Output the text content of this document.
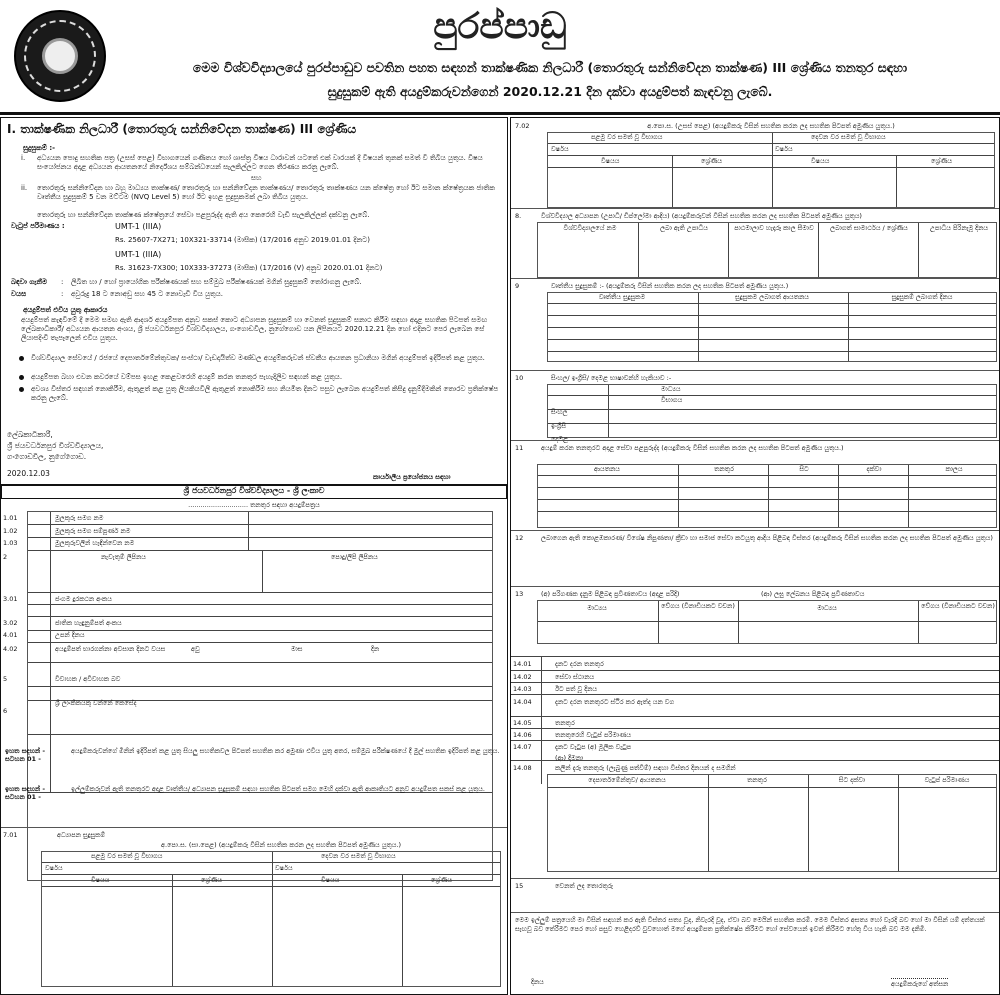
පුරප්පාඩු
මෙම විශ්වවිද්‍යාලයේ පුරප්පාඩුව පවතින පහත සඳහන් තාක්ෂණික නිලධාරී (තොරතුරු සන්නිවේදන තාක්ෂණ) III ශ්‍රේණිය තනතුර සඳහා
සුදුසුකම් ඇති අයදුම්කරුවන්ගෙන් 2020.12.21 දින දක්වා අයදුම්පත් කැඳවනු ලැබේ.
I. තාක්ෂණික නිලධාරී (තොරතුරු සන්නිවේදන තාක්ෂණ) III ශ්‍රේණිය
සුදුසුකම් :-
i. අධ්‍යයන පොදු සහතික පත්‍ර (උසස් පෙළ) විභාගයෙන් ගණිතය හෝ ශාස්ත්‍ර විෂය ධාරාවන් යටතේ එක් වාරයක් දී විෂයන් තුනක් සමත් වී තිබිය යුතුය. විෂය සංයෝජනය අදාළ අධ්‍යයන ආයතනයේ නිර්දේශය සම්බන්ධයෙන් සැලකිල්ලට ගෙන තීරණය කරනු ලැබේ.
සහ
ii. තොරතුරු සන්නිවේදන හා බහු මාධ්‍යය තාක්ෂණ/ තොරතුරු හා සන්නිවේදන තාක්ෂණය/ තොරතුරු තාක්ෂණය යන ක්ෂේත්‍ර හෝ ඊට සමාන ක්ෂේත්‍රයක ජාතික වෘත්තීය සුදුසුකම් 5 වන මට්ටම (NVQ Level 5) හෝ ඊට ඉහළ සුදුසුකමක් ලබා තිබිය යුතුය.
තොරතුරු හා සන්නිවේදන තාක්ෂණ ක්ෂේත්‍රයේ සේවා පළපුරුද්ද ඇති අය කෙරෙහි වැඩි සැලකිල්ලක් දක්වනු ලැබේ.
වැටුප් පරිමාණය :	UMT-1 (IIIA)
Rs. 25607-7X271; 10X321-33714 (මාසික) (17/2016 අනුව 2019.01.01 දිනට)
UMT-1 (IIIA)
Rs. 31623-7X300; 10X333-37273 (මාසික) (17/2016 (V) අනුව 2020.01.01 දිනට)
බඳවා ගැනීම : ලිඛිත හා / හෝ ප්‍රායෝගික පරීක්ෂණයක් සහ සම්මුඛ පරීක්ෂණයක් මගින් සුදුසුකම් තෝරාගනු ලැබේ.
වයස	: අවුරුදු 18 ට නොඅඩු සහ 45 ට නොවැඩි විය යුතුය.
අයදුම්පත් එවිය යුතු ආකාරය
අයදුම්පත් කැඳවීමේ දී මෙම සමඟ ඇති ආදර්ශ අයදුම්පත අනුව සකස් කොට අධ්‍යාපන සුදුසුකම් හා වෙනත් සුදුසුකම් සනාථ කිරීම සඳහා අදාළ සහතික පිටපත් සමඟ ලේඛකාධිකාරී/ අධ්‍යයන ආයතන අංශය, ශ්‍රී ජයවර්ධනපුර විශ්වවිද්‍යාලය, ගංගොඩවිල, නුගේගොඩ යන ලිපිනයට 2020.12.21 දින හෝ එදිනට පෙර ලැබෙන සේ ලියාපදිංචි තැපෑලෙන් එවිය යුතුය.
විශ්වවිද්‍යාල සේවයේ / රජයේ දෙපාර්තමේන්තුවක/ සංස්ථා/ වැඩදායිත්ව මණ්ඩල අයදුම්කරුවන් ස්වකීය ආයතන ප්‍රධානියා මගින් අයදුම්පත් ඉදිරිපත් කළ යුතුය.
අයදුම්පත බහා එවන කවරයේ වම්පස ඉහළ කෙළවරෙහි අයදුම් කරන තනතුර පැහැදිලිව සඳහන් කළ යුතුය.
අවශ්‍ය විස්තර සඳහන් නොකිරීම, ඇතුළත් කළ යුතු ලියකියවිලි ඇතුළත් නොකිරීම සහ නියමිත දිනට පසුව ලැබෙන අයදුම්පත් කිසිදු දැනුම්දීමකින් තොරව ප්‍රතික්ෂේප කරනු ලැබේ.
ලේඛකාධිකාරී,
ශ්‍රී ජයවර්ධනපුර විශ්වවිද්‍යාලය,
ගංගොඩවිල, නුගේගොඩ.
2020.12.03	කාර්යාලීය ප්‍රයෝජනය සඳහා
ශ්‍රී ජයවර්ධනපුර විශ්වවිද්‍යාලය - ශ්‍රී ලංකාව
............................. තනතුර සඳහා අයදුම්පත්‍රය
1.01	මුලකුරු සමග නම
1.02	මුලකුරු සමග සම්පූර්ණ නම
1.03	මුලකුරුවලින් හැඳින්වෙන නම
2	නැවැතුම් ලිපිනය	පොදු/ලිපි ලිපිනය
3.01	ජංගම දුරකථන අංකය
3.02	ජාතික හැඳුනුම්පත් අංකය
4.01	උපන් දිනය
4.02	අයදුම්පත් භාරගන්නා අවසාන දිනට වයස	අවු	මාස	දින
5	විවාහක / අවිවාහක බව
6
ශ්‍රී ලාංකිකයකු වන්නේ කෙසේද
ඉහත සඳහන් - සටහන 01 -
අයදුම්කරුවන්ගේ මිනින් ඉදිරිපත් කළ යුතු සියලු සහතිකවල පිටපත් සහතික කර අමුණා එවිය යුතු අතර, සම්මුඛ පරීක්ෂණයේ දී මුල් සහතික ඉදිරිපත් කළ යුතුය.
ඉහත සඳහන් - සටහන 01 -
ඉල්ලුම්කරුවන් ඇති තනතුරට අදාළ වෘත්තීය/ අධ්‍යාපන සුදුසුකම් සඳහා සහතික පිටපත් සමග මෙහි දක්වා ඇති ආකෘතියට අනුව අයදුම්පත සකස් කළ යුතුය.
7.01	අධ්‍යාපන සුදුසුකම්
අ.පො.ස. (සා.පෙළ) (අයදුම්කරු විසින් සහතික කරන ලද සහතික පිටපත් අමුණිය යුතුය.)
පළමු වර සමත් වූ විභාගය	දෙවන වර සමත් වූ විභාගය
වර්ෂය	වර්ෂය
විෂයය	ශ්‍රේණිය	විෂයය	ශ්‍රේණිය
7.02	අ.පො.ස. (උසස් පෙළ) (අයදුම්කරු විසින් සහතික කරන ලද සහතික පිටපත් අමුණිය යුතුය.)
පළමු වර සමත් වූ විභාගය	දෙවන වර සමත් වූ විභාගය
වර්ෂය	වර්ෂය
විෂයය	ශ්‍රේණිය	විෂයය	ශ්‍රේණිය
8.	විශ්වවිද්‍යාල අධ්‍යාපන (උපාධි/ ඩිප්ලෝමා ආදිය) (අයදුම්කරුවන් විසින් සහතික කරන ලද සහතික පිටපත් අමුණිය යුතුය)
විශ්වවිද්‍යාලයේ නම	ලබා ඇති උපාධිය	පාඨමාලාව හැදෑරූ කාල සීමාව	ලබාගත් සාමාර්ථය / ශ්‍රේණිය	උපාධිය පිරිනැමූ දිනය
9	වෘත්තීය සුදුසුකම් :- (අයදුම්කරු විසින් සහතික කරන ලද සහතික පිටපත් අමුණිය යුතුය.)
වෘත්තීය සුදුසුකම	සුදුසුකම ලබාගත් ආයතනය	සුදුසුකම් ලබාගත් දිනය
10	සිංහල/ ඉංග්‍රීසි/ දෙමළ භාෂාවන්හි හැකියාව :-
මාධ්‍යය
විභාගය
සිංහල
ඉංග්‍රීසි
දෙමළ
11	අයදුම් කරන තනතුරට අදාළ සේවා පළපුරුද්ද (අයදුම්කරු විසින් සහතික කරන ලද සහතික පිටපත් අමුණිය යුතුය.)
ආයතනය	තනතුර	සිට	දක්වා	කාලය
12	ලබාගෙන ඇති කොළඹකාරණ/ විශේෂ නිපුණතා/ ක්‍රීඩා හා සමාජ සේවා කටයුතු ආදිය පිළිබඳ විස්තර (අයදුම්කරු විසින් සහතික කරන ලද සහතික පිටපත් අමුණිය යුතුය)
13	(අ) පරිගණක දැනුම පිළිබඳ ප්‍රවීණතාවය (අදාළ පරිදි)	(ආ) ලඝු ලේඛනය පිළිබඳ ප්‍රවීණතාවය
මාධ්‍යය	වේගය (විනාඩියකට වචන)	මාධ්‍යය	වේගය (විනාඩියකට වචන)
14.01	දැනට දරන තනතුර
14.02	සේවා ස්ථානය
14.03	ඊට පත් වූ දිනය
14.04	දැනට දරන තනතුරට ස්ථිර කර ඇත්ද යන වග
14.05	තනතුර
14.06	තනතුරෙහි වැටුප් පරිමාණය
14.07	දැනට වැටුප (අ) මූලික වැටුප
(ආ) දීමනා
14.08	කලින් දැරූ තනතුරු (ලැබුණු පත්වීම්) සඳහා විස්තර දිනයන් ද සමගින්
දෙපාර්තමේන්තුව/ ආයතනය	තනතුර	සිට දක්වා	වැටුප් පරිමාණය
15	වෙනත් ලද තොරතුරු
මෙම ඉල්ලුම් පත්‍රයෙහි මා විසින් සඳහන් කර ඇති විස්තර සත්‍ය වූද, නිවැරදි වූද, ඒවා බව මෙයින් සහතික කරමි. මෙම විස්තර අසත්‍ය හෝ වැරදි බව හෝ මා විසින් යම් දත්තයක් සැඟවූ බව තේරීමට පෙර හෝ පසුව හෙළිදරව් වුවහොත් මගේ අයදුම්පත ප්‍රතික්ෂේප කිරීමට හෝ සේවයෙන් ඉවත් කිරීමට හේතු විය හැකි බව මම දනිමි.
දිනය	අයදුම්කරුගේ අත්සන
